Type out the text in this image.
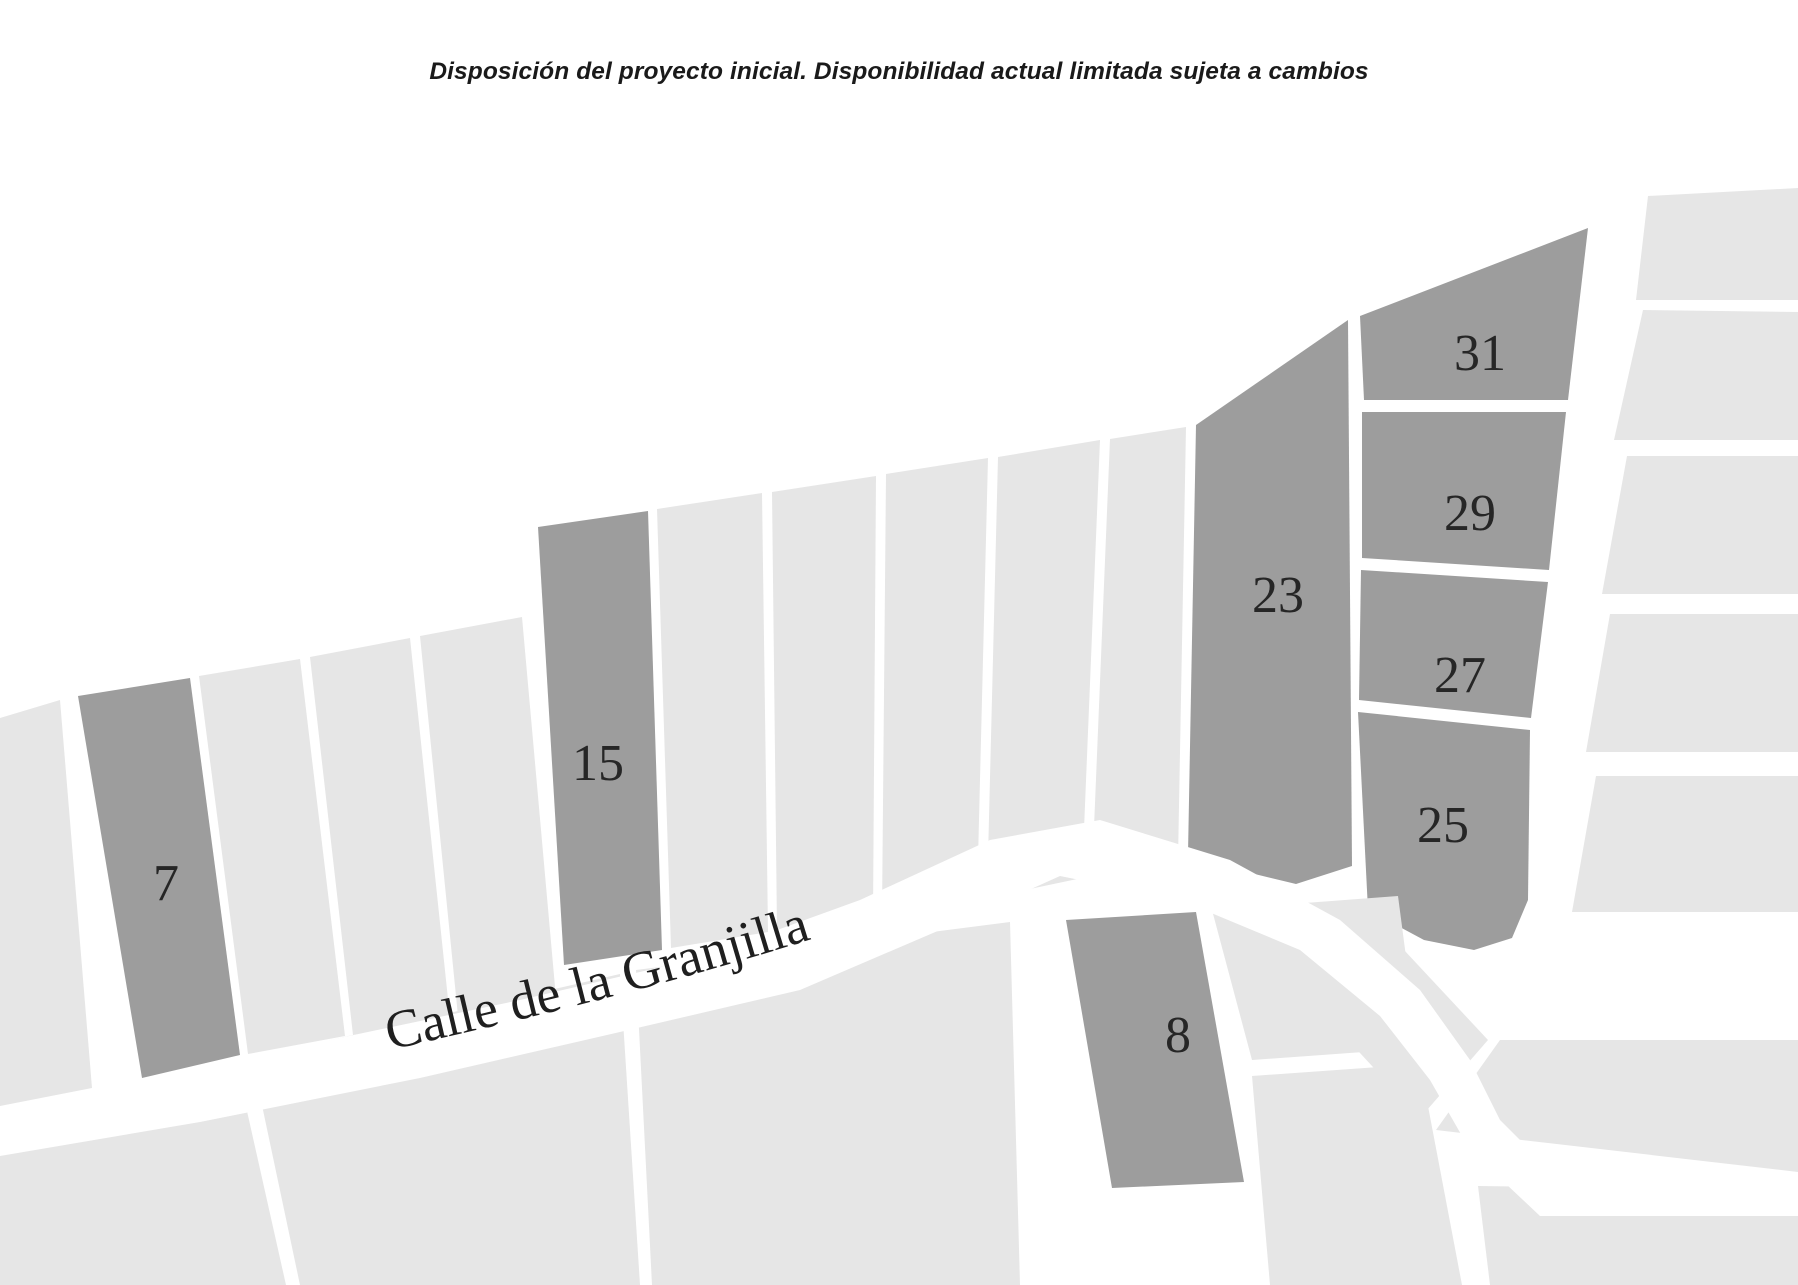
Disposición del proyecto inicial. Disponibilidad actual limitada sujeta a cambios
Calle de la Granjilla
7
15
23
25
27
29
31
8
